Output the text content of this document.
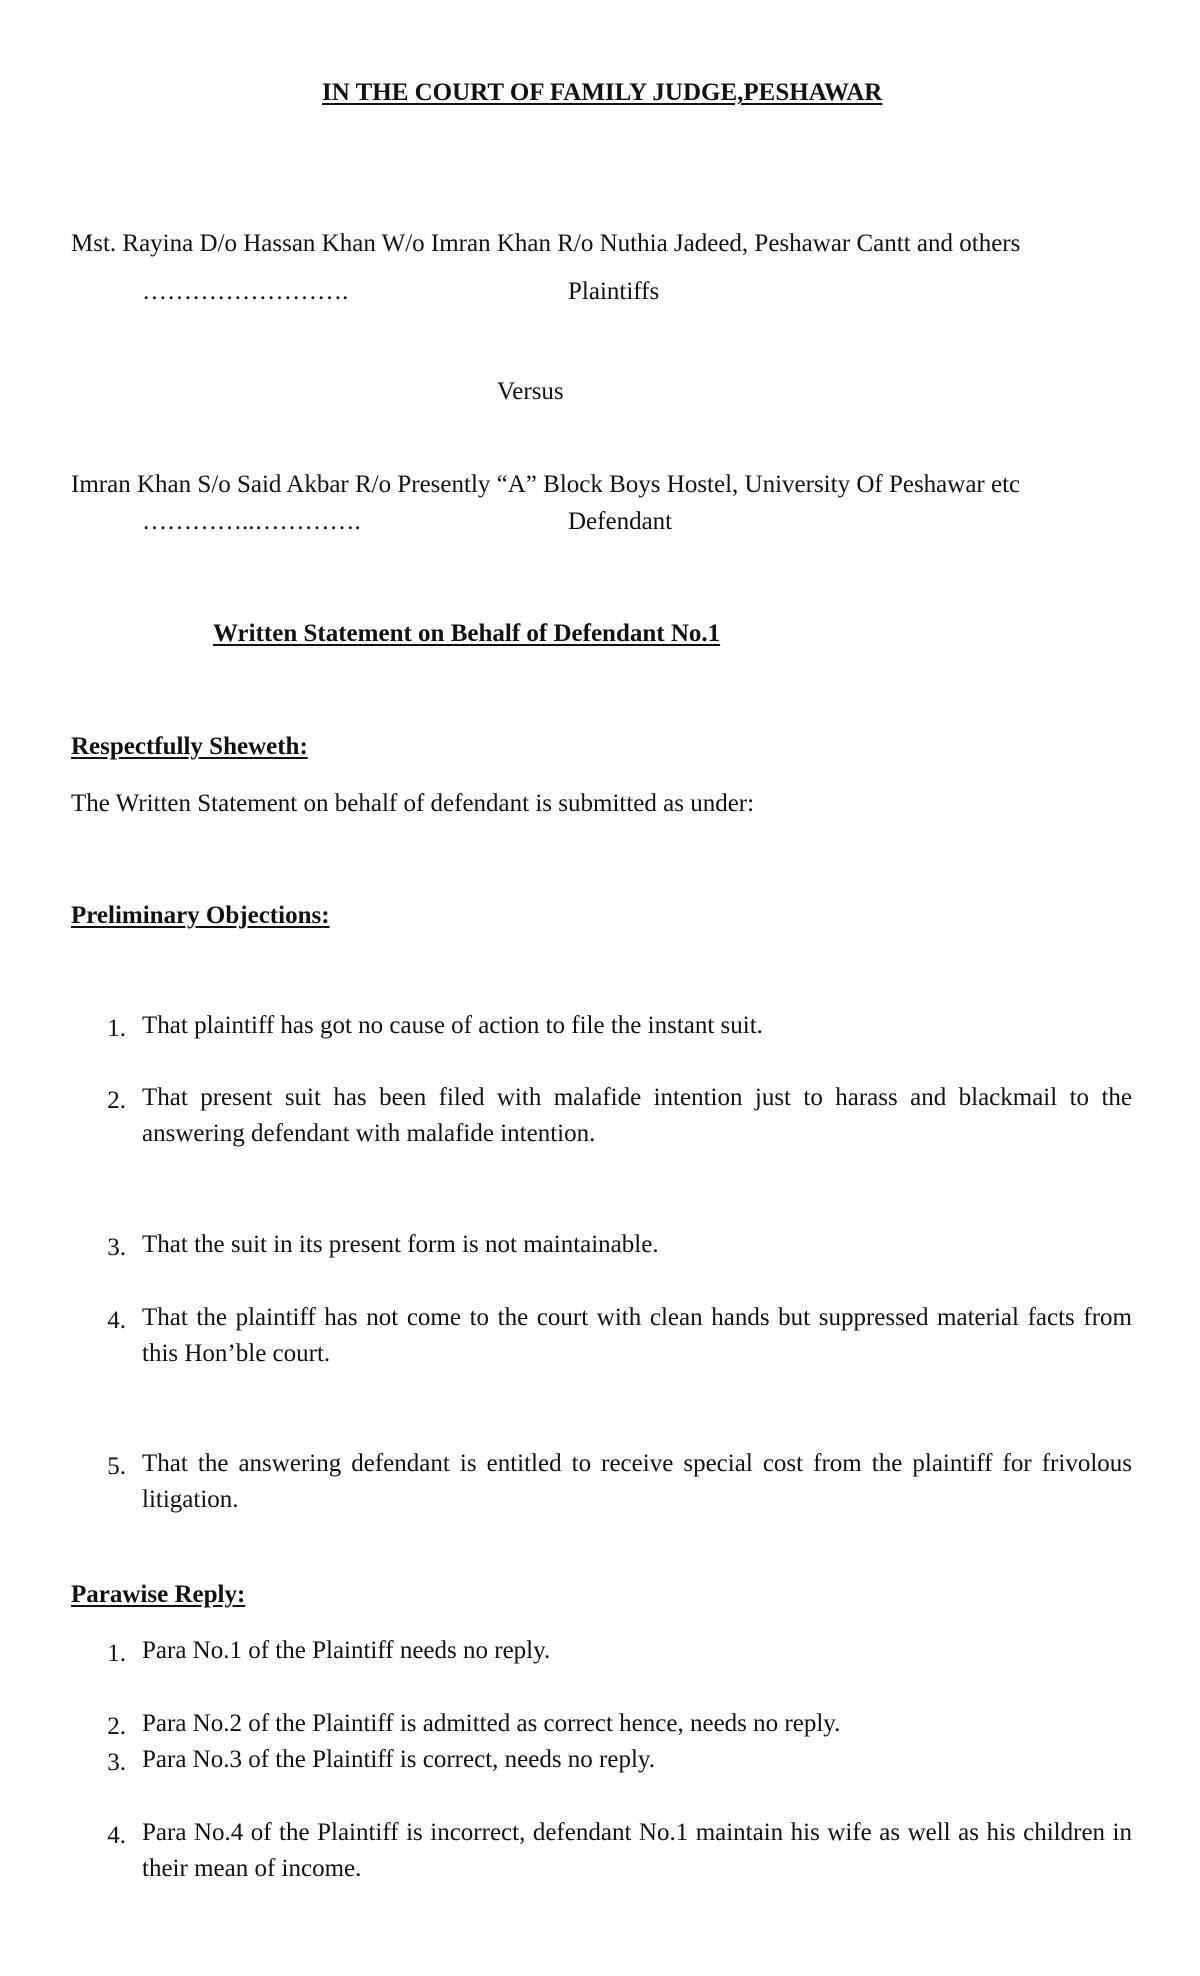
IN THE COURT OF FAMILY JUDGE,PESHAWAR
Mst. Rayina D/o Hassan Khan W/o Imran Khan R/o Nuthia Jadeed, Peshawar Cantt and others
…………………….	Plaintiffs
Versus
Imran Khan S/o Said Akbar R/o Presently “A” Block Boys Hostel, University Of Peshawar etc
…………..………….	Defendant
Written Statement on Behalf of Defendant No.1
Respectfully Sheweth:
The Written Statement on behalf of defendant is submitted as under:
Preliminary Objections:
1. That plaintiff has got no cause of action to file the instant suit.
2. That present suit has been filed with malafide intention just to harass and blackmail to the answering defendant with malafide intention.
3. That the suit in its present form is not maintainable.
4. That the plaintiff has not come to the court with clean hands but suppressed material facts from this Hon’ble court.
5. That the answering defendant is entitled to receive special cost from the plaintiff for frivolous litigation.
Parawise Reply:
1. Para No.1 of the Plaintiff needs no reply.
2. Para No.2 of the Plaintiff is admitted as correct hence, needs no reply.
3. Para No.3 of the Plaintiff is correct, needs no reply.
4. Para No.4 of the Plaintiff is incorrect, defendant No.1 maintain his wife as well as his children in their mean of income.
